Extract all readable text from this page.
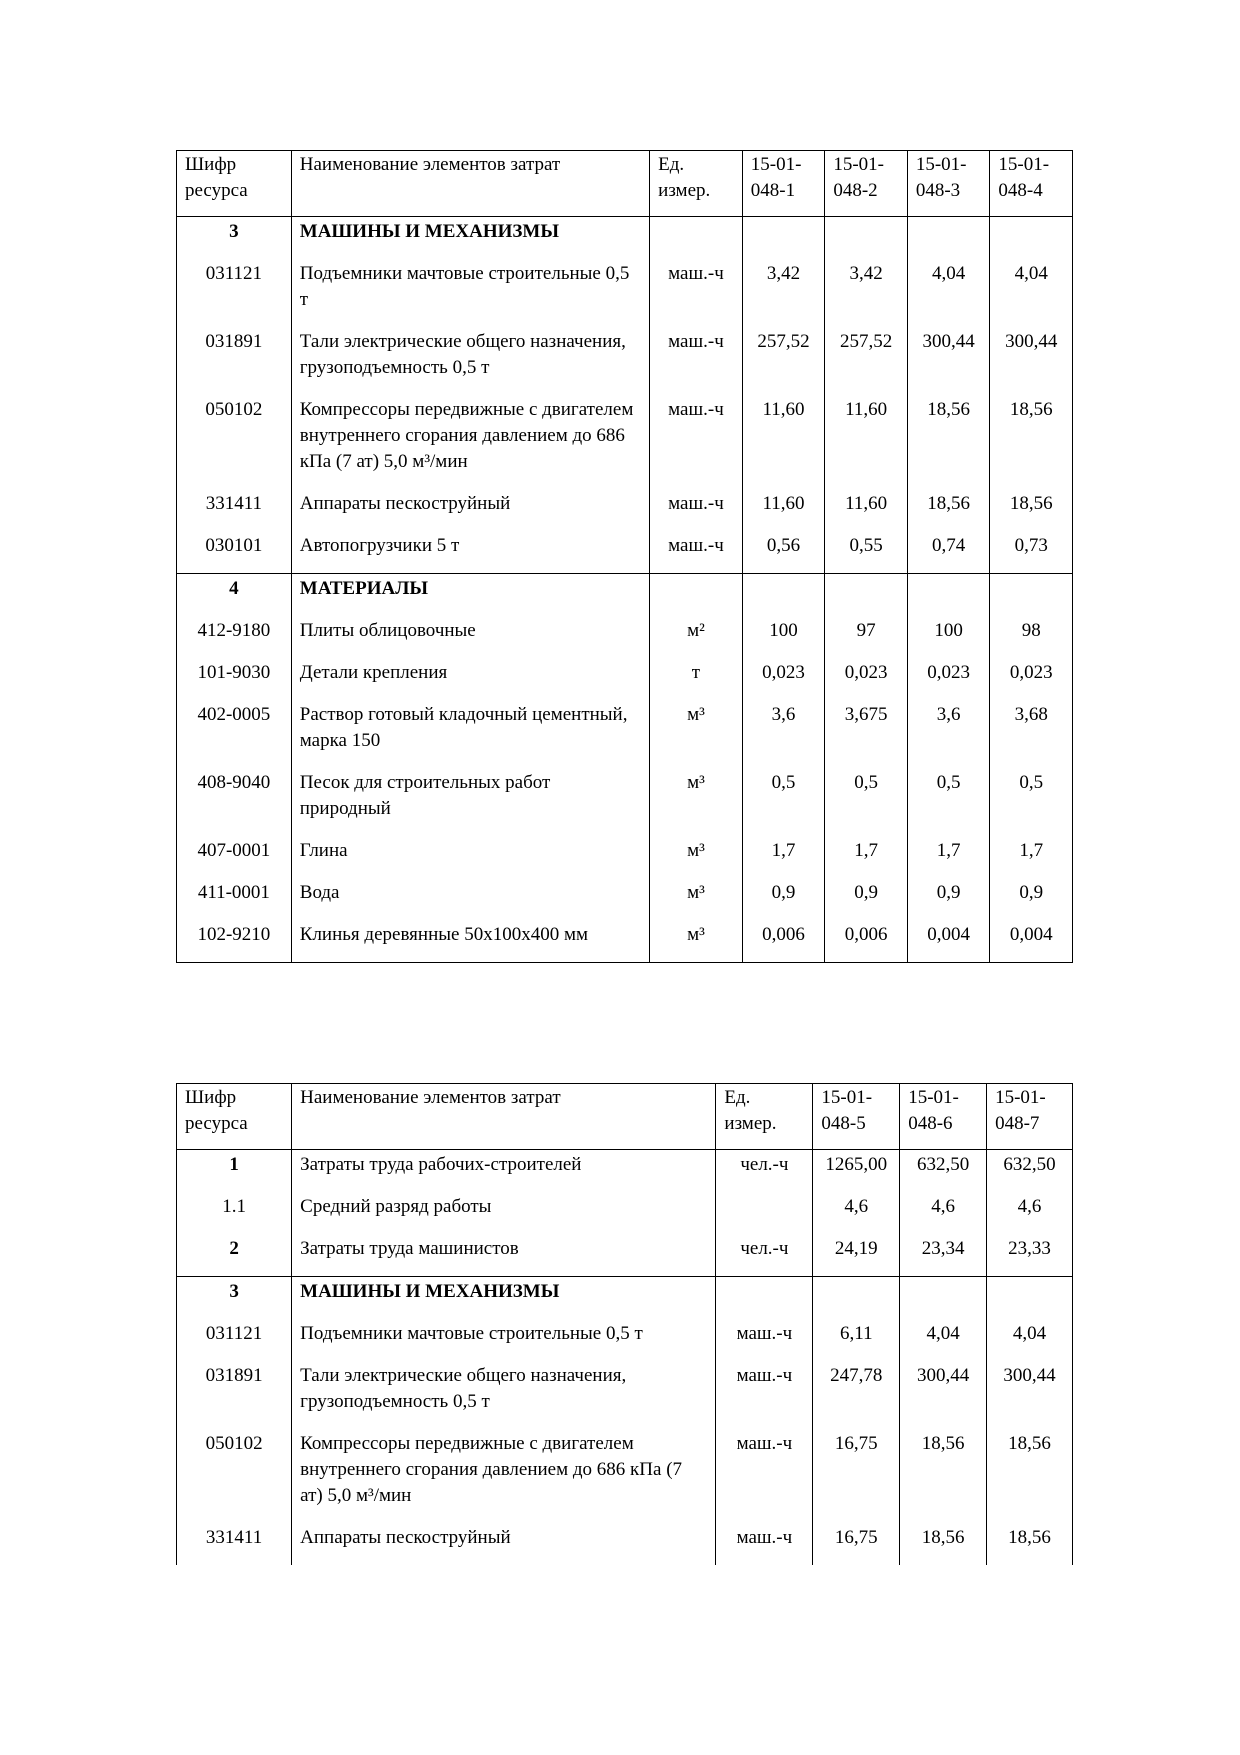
Шифр ресурса	Наименование элементов затрат	Ед. измер.	15-01-048-1	15-01-048-2	15-01-048-3	15-01-048-4
3	МАШИНЫ И МЕХАНИЗМЫ					
031121	Подъемники мачтовые строительные 0,5 т	маш.-ч	3,42	3,42	4,04	4,04
031891	Тали электрические общего назначения, грузоподъемность 0,5 т	маш.-ч	257,52	257,52	300,44	300,44
050102	Компрессоры передвижные с двигателем внутреннего сгорания давлением до 686 кПа (7 ат) 5,0 м³/мин	маш.-ч	11,60	11,60	18,56	18,56
331411	Аппараты пескоструйный	маш.-ч	11,60	11,60	18,56	18,56
030101	Автопогрузчики 5 т	маш.-ч	0,56	0,55	0,74	0,73
4	МАТЕРИАЛЫ					
412-9180	Плиты облицовочные	м²	100	97	100	98
101-9030	Детали крепления	т	0,023	0,023	0,023	0,023
402-0005	Раствор готовый кладочный цементный, марка 150	м³	3,6	3,675	3,6	3,68
408-9040	Песок для строительных работ природный	м³	0,5	0,5	0,5	0,5
407-0001	Глина	м³	1,7	1,7	1,7	1,7
411-0001	Вода	м³	0,9	0,9	0,9	0,9
102-9210	Клинья деревянные 50х100х400 мм	м³	0,006	0,006	0,004	0,004
Шифр ресурса	Наименование элементов затрат	Ед. измер.	15-01-048-5	15-01-048-6	15-01-048-7
1	Затраты труда рабочих-строителей	чел.-ч	1265,00	632,50	632,50
1.1	Средний разряд работы		4,6	4,6	4,6
2	Затраты труда машинистов	чел.-ч	24,19	23,34	23,33
3	МАШИНЫ И МЕХАНИЗМЫ				
031121	Подъемники мачтовые строительные 0,5 т	маш.-ч	6,11	4,04	4,04
031891	Тали электрические общего назначения, грузоподъемность 0,5 т	маш.-ч	247,78	300,44	300,44
050102	Компрессоры передвижные с двигателем внутреннего сгорания давлением до 686 кПа (7 ат) 5,0 м³/мин	маш.-ч	16,75	18,56	18,56
331411	Аппараты пескоструйный	маш.-ч	16,75	18,56	18,56
